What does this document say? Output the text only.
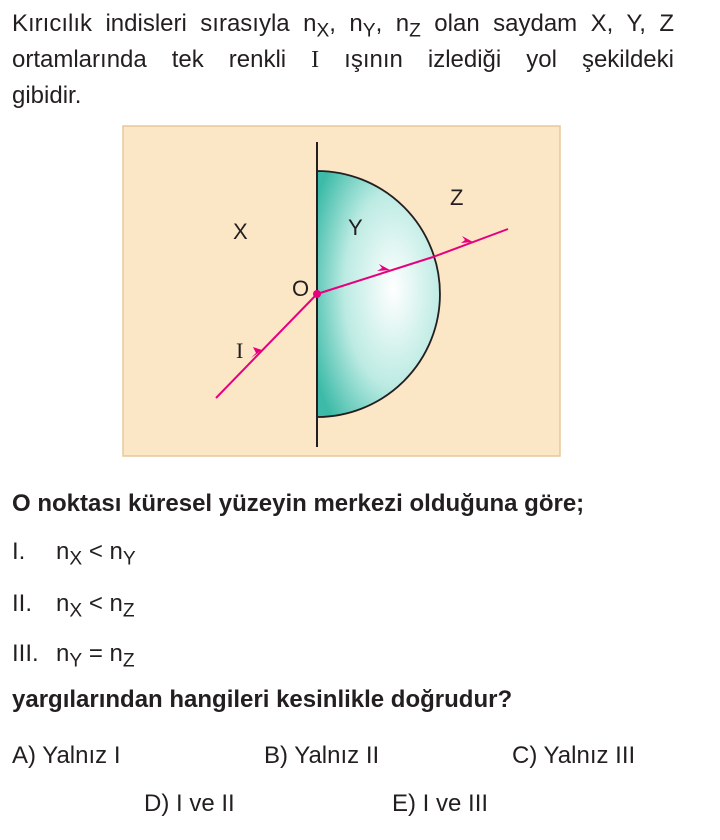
Kırıcılık indisleri sırasıyla $n_X$, $n_Y$, $n_Z$ olan saydam X, Y, Z
ortamlarında tek renkli I ışının izlediği yol şekildeki
gibidir.
X	Y
Z
O
I
O noktası küresel yüzeyin merkezi olduğuna göre;
I. $n_X < n_Y$
II. $n_X < n_Z$
III. $n_Y = n_Z$
yargılarından hangileri kesinlikle doğrudur?
A) Yalnız I	B) Yalnız II	C) Yalnız III
D) I ve II	E) I ve III
